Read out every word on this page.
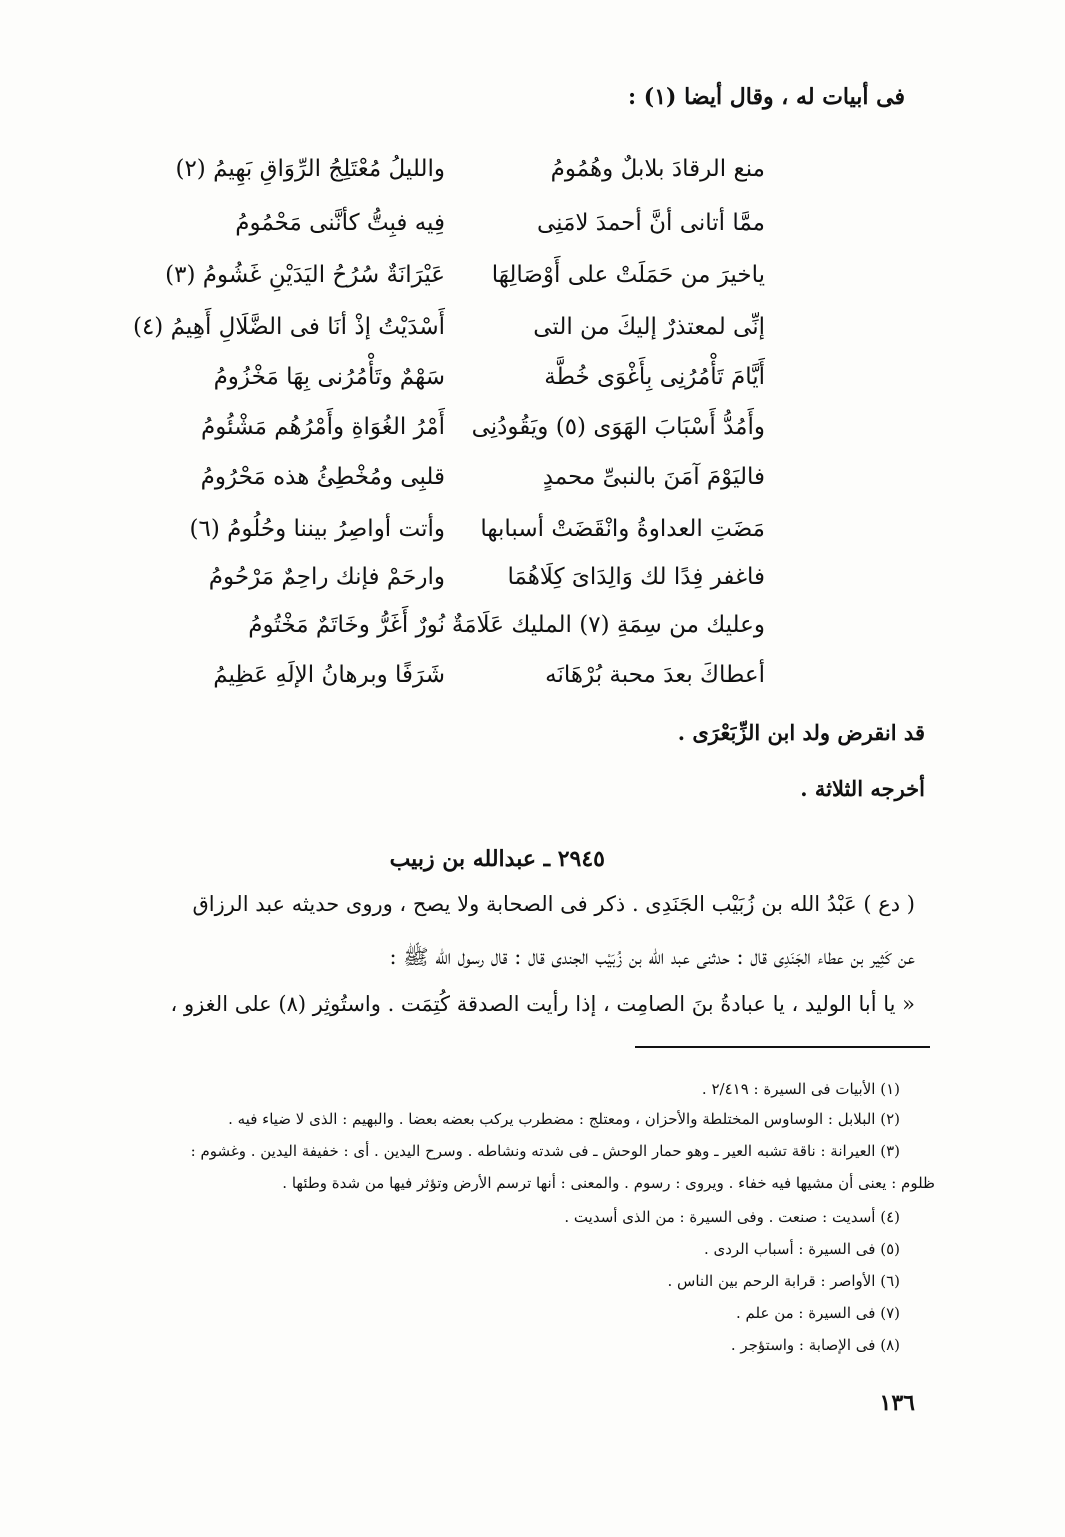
فى أبيات له ، وقال أيضا (١) :
منع الرقادَ بلابلٌ وهُمُومُ
والليلُ مُعْتَلِجُ الرِّوَاقِ بَهِيمُ (٢)
ممَّا أتانى أنَّ أحمدَ لامَنِى
فِيه فبِتُّ كأنَّنى مَحْمُومُ
ياخيرَ من حَمَلَتْ على أَوْصَالِهَا
عَيْرَانَةٌ سُرُحُ اليَدَيْنِ غَشُومُ (٣)
إنِّى لمعتذرٌ إليكَ من التى
أَسْدَيْتُ إذْ أنَا فى الضَّلَالِ أَهِيمُ (٤)
أَيَّامَ تَأْمُرُنِى بِأَغْوَى خُطَّة
سَهْمٌ وتَأْمُرُنى بِهَا مَخْزُومُ
وأَمُدُّ أَسْبَابَ الهَوَى (٥) ويَقُودُنِى
أَمْرُ الغُوَاةِ وأَمْرُهُم مَشْئُومُ
فاليَوْمَ آمَنَ بالنبىِّ محمدٍ
قلبِى ومُخْطِئُ هذه مَحْرُومُ
مَضَتِ العداوةُ وانْقَضَتْ أسبابها
وأتت أواصِرُ بيننا وحُلُومُ (٦)
فاغفر فِدًا لك وَالِدَاىَ كِلَاهُمَا
وارحَمْ فإنك راحِمٌ مَرْحُومُ
وعليك من سِمَةِ (٧) المليك عَلَامَةٌ
نُورٌ أَغَرُّ وخَاتَمٌ مَخْتُومُ
أعطاكَ بعدَ محبة بُرْهَانَه
شَرَفًا وبرهانُ الإلَهِ عَظِيمُ
قد انقرض ولد ابن الزِّبَعْرَى .
أخرجه الثلاثة .
٢٩٤٥ ـ عبدالله بن زبيب
( دع ) عَبْدُ الله بن زُبَيْب الجَنَدِى . ذكر فى الصحابة ولا يصح ، وروى حديثه عبد الرزاق
عن كَثِير بن عطاء الجَنَدِى قال : حدثنى عبد الله بن زُبَيْب الجندى قال : قال رسول الله ﷺ :
« يا أبا الوليد ، يا عبادةُ بنَ الصامِت ، إذا رأيت الصدقة كُتِمَت . واستُوثِر (٨) على الغزو ،
(١) الأبيات فى السيرة : ٢/٤١٩ .
(٢) البلابل : الوساوس المختلطة والأحزان ، ومعتلج : مضطرب يركب بعضه بعضا . والبهيم : الذى لا ضياء فيه .
(٣) العيرانة : ناقة تشبه العير ـ وهو حمار الوحش ـ فى شدته ونشاطه . وسرح اليدين . أى : خفيفة اليدين . وغشوم :
ظلوم : يعنى أن مشيها فيه خفاء . ويروى : رسوم . والمعنى : أنها ترسم الأرض وتؤثر فيها من شدة وطئها .
(٤) أسديت : صنعت . وفى السيرة : من الذى أسديت .
(٥) فى السيرة : أسباب الردى .
(٦) الأواصر : قرابة الرحم بين الناس .
(٧) فى السيرة : من علم .
(٨) فى الإصابة : واستؤجر .
١٣٦
